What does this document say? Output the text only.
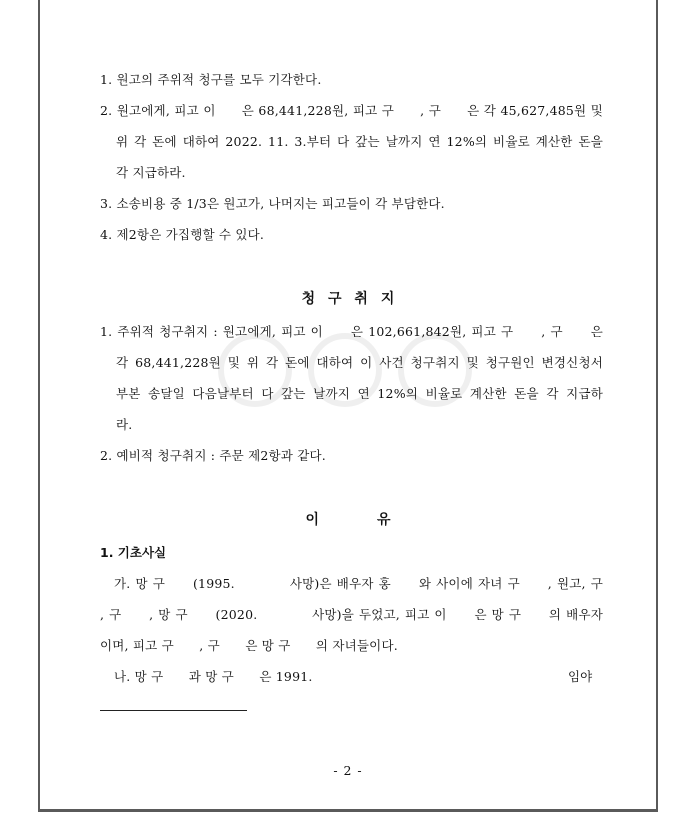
1. 원고의 주위적 청구를 모두 기각한다.
2. 원고에게, 피고 이　　은 68,441,228원, 피고 구　　, 구　　은 각 45,627,485원 및
위 각 돈에 대하여 2022. 11. 3.부터 다 갚는 날까지 연 12%의 비율로 계산한 돈을
각 지급하라.
3. 소송비용 중 1/3은 원고가, 나머지는 피고들이 각 부담한다.
4. 제2항은 가집행할 수 있다.
청 구 취 지
1. 주위적 청구취지 : 원고에게, 피고 이　　은 102,661,842원, 피고 구　　, 구　　은
각 68,441,228원 및 위 각 돈에 대하여 이 사건 청구취지 및 청구원인 변경신청서
부본 송달일 다음날부터 다 갚는 날까지 연 12%의 비율로 계산한 돈을 각 지급하
라.
2. 예비적 청구취지 : 주문 제2항과 같다.
이　　　유
1. 기초사실
가. 망 구　　(1995.　　　　사망)은 배우자 홍　　와 사이에 자녀 구　　, 원고, 구
, 구　　, 망 구　　(2020.　　　　사망)을 두었고, 피고 이　　은 망 구　　의 배우자
이며, 피고 구　　, 구　　은 망 구　　의 자녀들이다.
나. 망 구　　과 망 구　　은 1991.	임야
- 2 -
